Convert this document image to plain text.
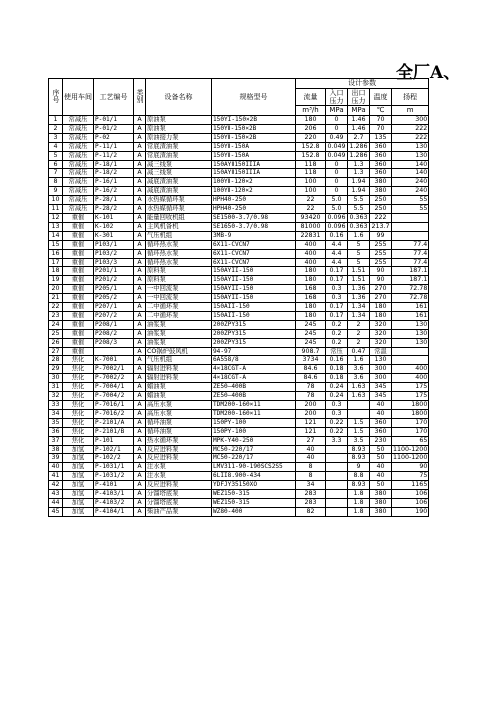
全厂A、
序号	使用车间	工艺编号	类别	设备名称	规格型号	设计参数				
						流量	入口压力	出口压力	温度	扬程
						m³/h	MPa	MPa	℃	m
1	常减压	P-01/1	A	原油泵	150YI-150×2B	180	0	1.46	70	300
2	常减压	P-01/2	A	原油泵	150YⅡ-150×2B	206	0	1.46	70	222
3	常减压	P-02	A	原油接力泵	150YⅡ-150×2B	220	0.49	2.7	135	222
4	常减压	P-11/1	A	常底渣油泵	150YⅡ-150A	152.8	0.049	1.286	360	130
5	常减压	P-11/2	A	常底渣油泵	150YⅡ-150A	152.8	0.049	1.286	360	130
6	常减压	P-18/1	A	减三线泵	150AYⅡ150IIIA	118	0	1.3	360	140
7	常减压	P-18/2	A	减三线泵	150AYⅡ150IIIA	118	0	1.3	360	140
8	常减压	P-16/1	A	减底渣油泵	100YⅡ-120×2	100	0	1.94	380	240
9	常减压	P-16/2	A	减底渣油泵	100YⅡ-120×2	100	0	1.94	380	240
10	常减压	P-28/1	A	水热媒循环泵	HPH40-250	22	5.0	5.5	250	55
11	常减压	P-28/2	A	水热媒循环泵	HPH40-250	22	5.0	5.5	250	55
12	重催	K-101	A	能量回收机组	SE1500-3.7/0.98	93420	0.096	0.363	222	
13	重催	K-102	A	主风机备机	SE1650-3.7/0.98	81000	0.096	0.363	213.7	
14	重催	K-301	A	气压机组	3MB-9	22831	0.16	1.6	99	
15	重催	P103/1	A	循环热水泵	6X11-CVCN7	400	4.4	5	255	77.4
16	重催	P103/2	A	循环热水泵	6X11-CVCN7	400	4.4	5	255	77.4
17	重催	P103/3	A	循环热水泵	6X11-CVCN7	400	4.4	5	255	77.4
18	重催	P201/1	A	原料泵	150AYII-150	180	0.17	1.51	90	187.1
19	重催	P201/2	A	原料泵	150AYII-150	180	0.17	1.51	90	187.1
20	重催	P205/1	A	一中回流泵	150AYII-150	168	0.3	1.36	270	72.78
21	重催	P205/2	A	一中回流泵	150AYII-150	168	0.3	1.36	270	72.78
22	重催	P207/1	A	二中循环泵	150AII-150	180	0.17	1.34	180	161
23	重催	P207/2	A	二中循环泵	150AII-150	180	0.17	1.34	180	161
24	重催	P208/1	A	油浆泵	200ZPY315	245	0.2	2	320	130
25	重催	P208/2	A	油浆泵	200ZPY315	245	0.2	2	320	130
26	重催	P208/3	A	油浆泵	200ZPY315	245	0.2	2	320	130
27	重催		A	CO锅炉鼓风机	94-97	908.7	常压	0.47	常温	
28	焦化	K-7001	A	气压机组	6A558/8	3734	0.16	1.6	130	
29	焦化	P-7002/1	A	辐射进料泵	4×18CGT-A	84.6	0.18	3.6	300	400
30	焦化	P-7002/2	A	辐射进料泵	4×18CGT-A	84.6	0.18	3.6	300	400
31	焦化	P-7004/1	A	蜡油泵	ZE50—400B	78	0.24	1.63	345	175
32	焦化	P-7004/2	A	蜡油泵	ZE50—400B	78	0.24	1.63	345	175
33	焦化	P-7016/1	A	高压水泵	TDM200-160×11	200	0.3		40	1800
34	焦化	P-7016/2	A	高压水泵	TDM200-160×11	200	0.3		40	1800
35	焦化	P-2101/A	A	循环油泵	150PY-100	121	0.22	1.5	360	170
36	焦化	P-2101/B	A	循环油泵	150PY-100	121	0.22	1.5	360	170
37	焦化	P-101	A	热水循环泵	MPK-Y40-250	27	3.3	3.5	230	65
38	加氢	P-102/1	A	反应进料泵	MC50-220/17	40		8.93	50	1100-1200
39	加氢	P-102/2	A	反应进料泵	MC50-220/17	40		8.93	50	1100-1200
40	加氢	P-1031/1	A	注水泵	LMV311-90-190SCS2S5	8		9	40	90
41	加氢	P-1031/2	A	注水泵	6LII8.900-434	8		8.8	40	75
42	加氢	P-4101	A	反应进料泵	YDFJY35150XO	34		8.93	50	1165
43	加氢	P-4103/1	A	分馏塔底泵	WEZ150-315	283		1.8	380	106
44	加氢	P-4103/2	A	分馏塔底泵	WEZ150-315	283		1.8	380	106
45	加氢	P-4104/1	A	柴油产品泵	WZ80-400	82		1.8	380	190
